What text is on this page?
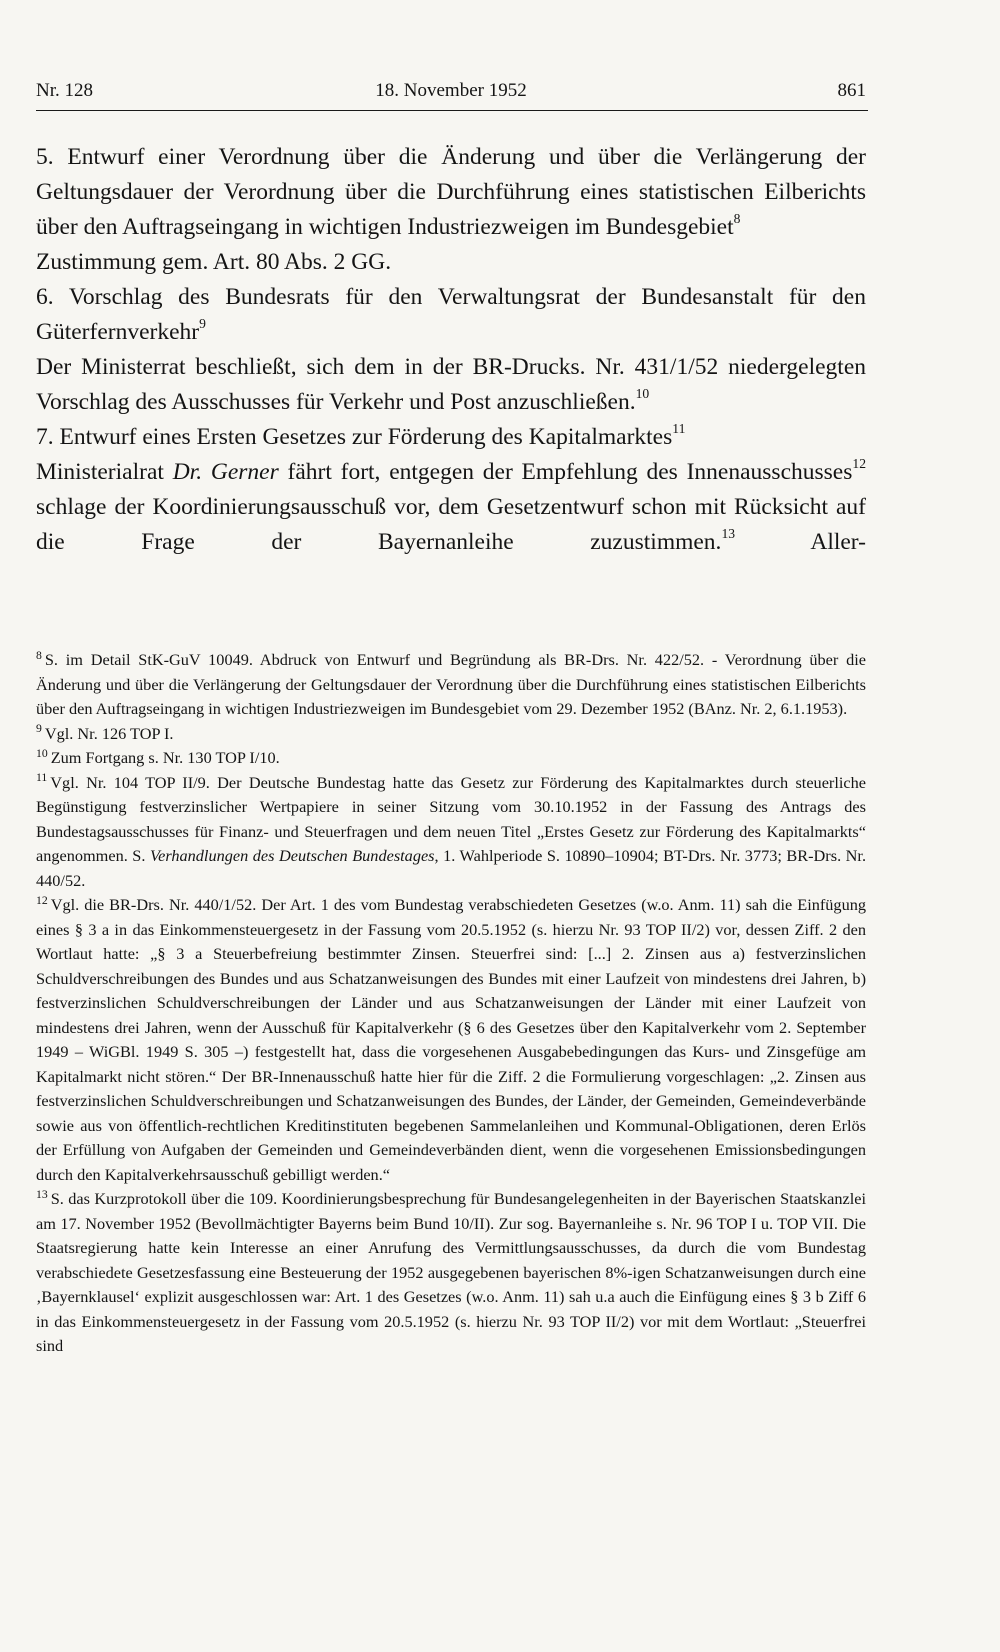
Nr. 128	18. November 1952	861

5. Entwurf einer Verordnung über die Änderung und über die Verlängerung der Geltungsdauer der Verordnung über die Durchführung eines statistischen Eilberichts über den Auftragseingang in wichtigen Industriezweigen im Bundesgebiet$^8$

Zustimmung gem. Art. 80 Abs. 2 GG.

6. Vorschlag des Bundesrats für den Verwaltungsrat der Bundesanstalt für den Güterfernverkehr$^9$

Der Ministerrat beschließt, sich dem in der BR-Drucks. Nr. 431/1/52 niedergelegten Vorschlag des Ausschusses für Verkehr und Post anzuschließen.$^{10}$

7. Entwurf eines Ersten Gesetzes zur Förderung des Kapitalmarktes$^{11}$

Ministerialrat Dr. Gerner fährt fort, entgegen der Empfehlung des Innenausschusses$^{12}$ schlage der Koordinierungsausschuß vor, dem Gesetzentwurf schon mit Rücksicht auf die Frage der Bayernanleihe zuzustimmen.$^{13}$ Aller-

$^8$ S. im Detail StK-GuV 10049. Abdruck von Entwurf und Begründung als BR-Drs. Nr. 422/52. - Verordnung über die Änderung und über die Verlängerung der Geltungsdauer der Verordnung über die Durchführung eines statistischen Eilberichts über den Auftragseingang in wichtigen Industriezweigen im Bundesgebiet vom 29. Dezember 1952 (BAnz. Nr. 2, 6.1.1953).

$^9$ Vgl. Nr. 126 TOP I.

$^{10}$ Zum Fortgang s. Nr. 130 TOP I/10.

$^{11}$ Vgl. Nr. 104 TOP II/9. Der Deutsche Bundestag hatte das Gesetz zur Förderung des Kapitalmarktes durch steuerliche Begünstigung festverzinslicher Wertpapiere in seiner Sitzung vom 30.10.1952 in der Fassung des Antrags des Bundestagsausschusses für Finanz- und Steuerfragen und dem neuen Titel „Erstes Gesetz zur Förderung des Kapitalmarkts“ angenommen. S. Verhandlungen des Deutschen Bundestages, 1. Wahlperiode S. 10890–10904; BT-Drs. Nr. 3773; BR-Drs. Nr. 440/52.

$^{12}$ Vgl. die BR-Drs. Nr. 440/1/52. Der Art. 1 des vom Bundestag verabschiedeten Gesetzes (w.o. Anm. 11) sah die Einfügung eines § 3 a in das Einkommensteuergesetz in der Fassung vom 20.5.1952 (s. hierzu Nr. 93 TOP II/2) vor, dessen Ziff. 2 den Wortlaut hatte: „§ 3 a Steuerbefreiung bestimmter Zinsen. Steuerfrei sind: [...] 2. Zinsen aus a) festverzinslichen Schuldverschreibungen des Bundes und aus Schatzanweisungen des Bundes mit einer Laufzeit von mindestens drei Jahren, b) festverzinslichen Schuldverschreibungen der Länder und aus Schatzanweisungen der Länder mit einer Laufzeit von mindestens drei Jahren, wenn der Ausschuß für Kapitalverkehr (§ 6 des Gesetzes über den Kapitalverkehr vom 2. September 1949 – WiGBl. 1949 S. 305 –) festgestellt hat, dass die vorgesehenen Ausgabebedingungen das Kurs- und Zinsgefüge am Kapitalmarkt nicht stören.“ Der BR-Innenausschuß hatte hier für die Ziff. 2 die Formulierung vorgeschlagen: „2. Zinsen aus festverzinslichen Schuldverschreibungen und Schatzanweisungen des Bundes, der Länder, der Gemeinden, Gemeindeverbände sowie aus von öffentlich-rechtlichen Kreditinstituten begebenen Sammelanleihen und Kommunal-Obligationen, deren Erlös der Erfüllung von Aufgaben der Gemeinden und Gemeindeverbänden dient, wenn die vorgesehenen Emissionsbedingungen durch den Kapitalverkehrsausschuß gebilligt werden.“

$^{13}$ S. das Kurzprotokoll über die 109. Koordinierungsbesprechung für Bundesangelegenheiten in der Bayerischen Staatskanzlei am 17. November 1952 (Bevollmächtigter Bayerns beim Bund 10/II). Zur sog. Bayernanleihe s. Nr. 96 TOP I u. TOP VII. Die Staatsregierung hatte kein Interesse an einer Anrufung des Vermittlungsausschusses, da durch die vom Bundestag verabschiedete Gesetzesfassung eine Besteuerung der 1952 ausgegebenen bayerischen 8%-igen Schatzanweisungen durch eine ‚Bayernklausel‘ explizit ausgeschlossen war: Art. 1 des Gesetzes (w.o. Anm. 11) sah u.a auch die Einfügung eines § 3 b Ziff 6 in das Einkommensteuergesetz in der Fassung vom 20.5.1952 (s. hierzu Nr. 93 TOP II/2) vor mit dem Wortlaut: „Steuerfrei sind
